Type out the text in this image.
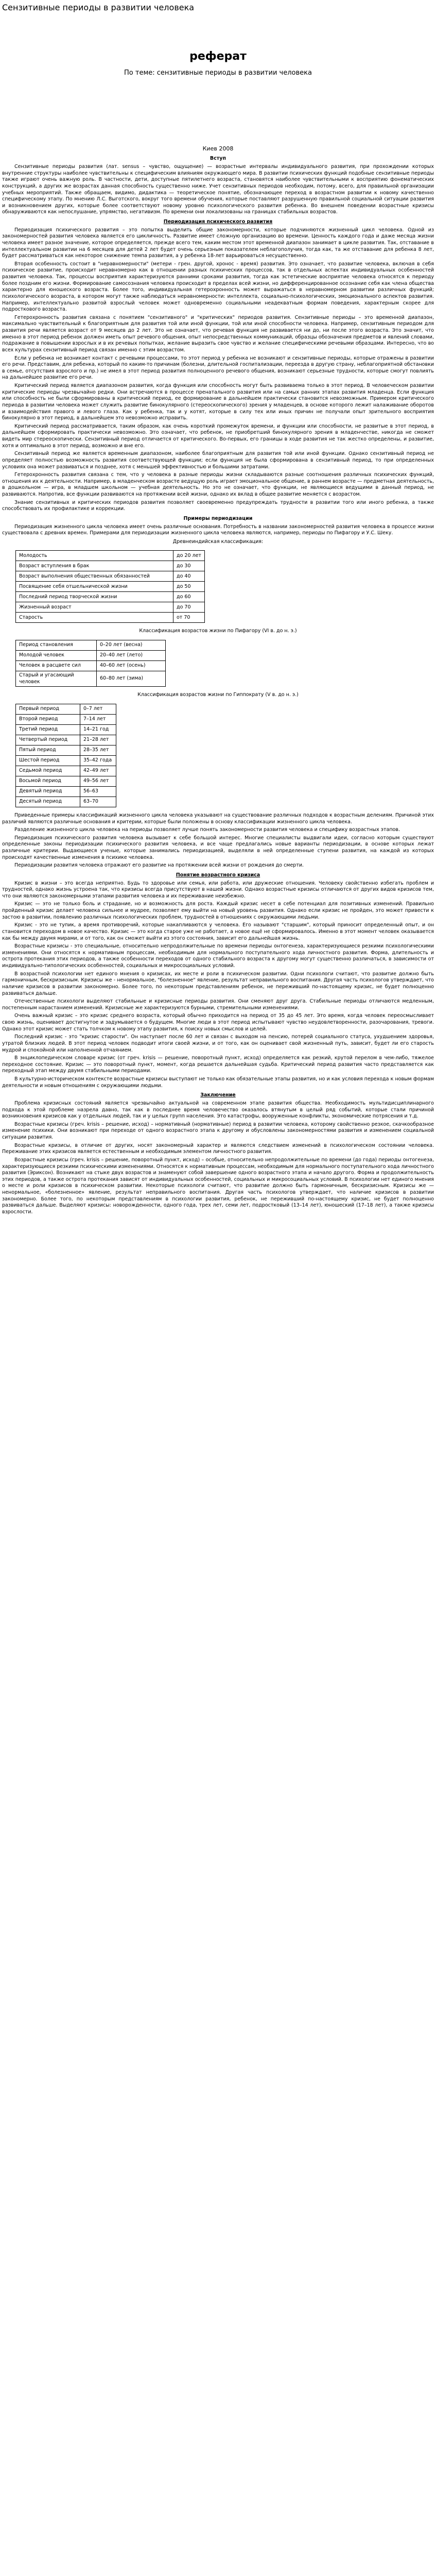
Сензитивные периоды в развитии человека
реферат
По теме: сензитивные периоды в развитии человека
Киев 2008
Вступ

Сензитивные периоды развития (лат. sensus – чувство, ощущение) — возрастные интервалы индивидуального развития, при прохождении которых внутренние структуры наиболее чувствительны к специфическим влияниям окружающего мира. В развитии психических функций подобные сензитивные периоды также играют очень важную роль. В частности, дети, доступные пятилетнего возраста, становятся наиболее чувствительными к восприятию фонематических конструкций, а других же возрастах данная способность существенно ниже. Учет сензитивных периодов необходим, потому, всего, для правильной организации учебных мероприятий. Также обращаем, видимо, дидактика — теоретическое понятие, обозначающее переход в возрастном развитии к новому качественно специфическому этапу. По мнению Л.С. Выготского, вокруг того времени обучения, которые поставляют разрушенную правильной социальной ситуации развития и возникновением других, которые более соответствуют новому уровню психологического развития ребенка. Во внешнем поведении возрастные кризисы обнаруживаются как непослушание, упрямство, негативизм. По времени они локализованы на границах стабильных возрастов.

Периодизация психического развития

Периодизация психического развития – это попытка выделить общие закономерности, которые подчиняются жизненный цикл человека. Одной из закономерностей развития человека является его цикличность. Развитие имеет сложную организацию во времени. Ценность каждого года и даже месяца жизни человека имеет разное значение, которое определяется, прежде всего тем, каким местом этот временной диапазон занимает в цикле развития. Так, отставание в интеллектуальном развитии на 6 месяцев для детей 2 лет будет очень серьезным показателем неблагополучия, тогда как, та же отставание для ребенка 8 лет, будет рассматриваться как некоторое снижение темпа развития, а у ребенка 18-лет варьироваться несущественно.

Вторая особенность состоит в "неравномерности" (метери - грен. другой, хронос - время) развития. Это означает, что развитие человека, включая в себя психическое развитие, происходит неравномерно как в отношении разных психических процессов, так в отдельных аспектах индивидуальных особенностей развития человека. Так, процессы восприятия характеризуются ранними сроками развития, тогда как эстетические восприятие человека относятся к периоду более поздним его жизни. Формирование самосознания человека происходит в пределах всей жизни, но дифференцированное осознание себя как члена общества характерно для юношеского возраста. Более того, индивидуальная гетерохронность может выражаться в неравномерном развитии различных функций; психологического возраста, в котором могут также наблюдаться неравномерности: интеллекта, социально-психологических, эмоционального аспектов развития. Например, интеллектуально развитой взрослый человек может одновременно социальными неадекватным формам поведения, характерным скорее для подросткового возраста.

Гетерохронность развития связана с понятием "сензитивного" и "критических" периодов развития. Сензитивные периоды – это временной диапазон, максимально чувствительный к благоприятным для развития той или иной функции, той или иной способности человека. Например, сензитивным периодом для развития речи является возраст от 9 месяцев до 2 лет. Это не означает, что речевая функция не развивается ни до, ни после этого возраста. Это значит, что именно в этот период ребенок должен иметь опыт речевого общения, опыт непосредственных коммуникаций, образцы обозначения предметов и явлений словами, подражание в повышении взрослых и в их речевых попытках, желание выразить свое чувство и желание специфическими речевыми образцами. Интересно, что во всех культурах сензитивный период связан именно с этим возрастом.

Если у ребенка не возникает контакт с речевыми процессами, то этот период у ребенка не возникают и сензитивные периоды, которые отражены в развитии его речи. Представим, для ребенка, который по каким-то причинам (болезни, длительной госпитализации, переезда в другую страну, неблагоприятной обстановки в семье, отсутствия взрослого и пр.) не имел в этот период развития полноценного речевого общения, возникают серьезные трудности, которые смогут повлиять на дальнейшее развитие его речи.

Критический период является диапазоном развития, когда функция или способность могут быть развиваема только в этот период. В человеческом развитии критические периоды чрезвычайно редки. Они встречаются в процессе пренатального развития или на самых ранних этапах развития младенца. Если функция или способность не были сформированы в критический период, ее формирование в дальнейшем практически становится невозможным. Примером критического периода в развитии человека может служить развитие бинокулярного (стереоскопического) зрения у младенцев, в основе которого лежит налаживание оборотов и взаимодействия правого и левого глаза. Как у ребенка, так и у котят, которые в силу тех или иных причин не получали опыт зрительного восприятия бинокулярно в этот период, в дальнейшем это невозможно исправить.

Критический период рассматривается, таким образом, как очень короткий промежуток времени, и функции или способности, не развитые в этот период, в дальнейшем сформировать практически невозможно. Это означает, что ребенок, не приобретший бинокулярного зрения в младенчестве, никогда не сможет видеть мир стереоскопически. Сензитивный период отличается от критического. Во-первых, его границы в ходе развития не так жестко определены, и развитие, хотя и оптимально в этот период, возможно и вне его.

Сензитивный период же является временным диапазоном, наиболее благоприятным для развития той или иной функции. Однако сензитивный период не определяет полностью возможность развития соответствующей функции; если функция не была сформирована в сензитивный период, то при определенных условиях она может развиваться и позднее, хотя с меньшей эффективностью и большими затратами.

Гетерохронность развития связана с тем, что у человека в разные периоды жизни складываются разные соотношения различных психических функций, отношения их к деятельности. Например, в младенческом возрасте ведущую роль играет эмоциональное общение, в раннем возрасте — предметная деятельность, в дошкольном — игра, в младшем школьном — учебная деятельность. Но это не означает, что функции, не являющиеся ведущими в данный период, не развиваются. Напротив, все функции развиваются на протяжении всей жизни, однако их вклад в общее развитие меняется с возрастом.

Знание сензитивных и критических периодов развития позволяет своевременно предупреждать трудности в развитии того или иного ребенка, а также способствовать их профилактике и коррекции.

Примеры периодизации

Периодизация жизненного цикла человека имеет очень различные основания. Потребность в названии закономерностей развития человека в процессе жизни существовала с древних времен. Примерами для периодизации жизненного цикла человека являются, например, периоды по Пифагору и У.С. Шеку.

Древнеиндийская классификация:
Молодость	до 20 лет
Возраст вступления в брак	до 30
Возраст выполнения общественных обязанностей	до 40
Посвящение себя отшельнической жизни	до 50
Последний период творческой жизни	до 60
Жизненный возраст	до 70
Старость	от 70
Классификация возрастов жизни по Пифагору (VI в. до н. э.)
Период становления	0–20 лет (весна)
Молодой человек	20–40 лет (лето)
Человек в расцвете сил	40–60 лет (осень)
Старый и угасающий человек	60–80 лет (зима)
Классификация возрастов жизни по Гиппократу (V в. до н. э.)
Первый период	0–7 лет
Второй период	7–14 лет
Третий период	14–21 год
Четвертый период	21–28 лет
Пятый период	28–35 лет
Шестой период	35–42 года
Седьмой период	42–49 лет
Восьмой период	49–56 лет
Девятый период	56–63
Десятый период	63–70

Приведенные примеры классификаций жизненного цикла человека указывают на существование различных подходов к возрастным делениям. Причиной этих различий являются различные основания и критерии, которые были положены в основу классификации жизненного цикла человека.

Разделение жизненного цикла человека на периоды позволяет лучше понять закономерности развития человека и специфику возрастных этапов.

Периодизация психического развития человека вызывает к себе большой интерес. Многие специалисты выдвигали идеи, согласно которым существуют определенные законы периодизации психического развития человека, и все чаще предлагались новые варианты периодизации, в основе которых лежат различные критерии. Выдающиеся ученые, которые занимались периодизацией, выделяли в ней определенные ступени развития, на каждой из которых происходят качественные изменения в психике человека.

Периодизации развития человека отражают его развитие на протяжении всей жизни от рождения до смерти.

Понятие возрастного кризиса

Кризис в жизни – это всегда неприятно. Будь то здоровье или семья, или работа, или дружеские отношения. Человеку свойственно избегать проблем и трудностей, однако жизнь устроена так, что кризисы всегда присутствуют в нашей жизни. Однако возрастные кризисы отличаются от других видов кризисов тем, что они являются закономерными этапами развития человека и их переживание неизбежно.

Кризис — это не только боль и страдание, но и возможность для роста. Каждый кризис несет в себе потенциал для позитивных изменений. Правильно пройденный кризис делает человека сильнее и мудрее, позволяет ему выйти на новый уровень развития. Однако если кризис не пройден, это может привести к застою в развитии, появлению различных психологических проблем, трудностей в отношениях с окружающими людьми.

Кризис - это не тупик, а время противоречий, которые накапливаются у человека. Его называют "старшим", который приносит определенный опыт, и он становится переходом в новое качество. Кризис — это когда старое уже не работает, а новое ещё не сформировалось. Именно в этот момент человек оказывается как бы между двумя мирами, и от того, как он сможет выйти из этого состояния, зависит его дальнейшая жизнь.

Возрастные кризисы - это специальные, относительно непродолжительные по времени периоды онтогенеза, характеризующиеся резкими психологическими изменениями. Они относятся к нормативным процессам, необходимым для нормального поступательного хода личностного развития. Форма, длительность и острота протекания этих периодов, а также особенности переходов от одного стабильного возраста к другому могут существенно различаться, в зависимости от индивидуально-типологических особенностей, социальных и микросоциальных условий.

В возрастной психологии нет единого мнения о кризисах, их месте и роли в психическом развитии. Одни психологи считают, что развитие должно быть гармоничным, бескризисным. Кризисы же - ненормальное, "болезненное" явление, результат неправильного воспитания. Другая часть психологов утверждает, что наличие кризисов в развитии закономерно. Более того, по некоторым представлениям ребенок, не переживший по-настоящему кризис, не будет полноценно развиваться дальше.

Отечественные психологи выделяют стабильные и кризисные периоды развития. Они сменяют друг друга. Стабильные периоды отличаются медленным, постепенным нарастанием изменений. Кризисные же характеризуются бурными, стремительными изменениями.

Очень важный кризис – это кризис среднего возраста, который обычно приходится на период от 35 до 45 лет. Это время, когда человек переосмысливает свою жизнь, оценивает достигнутое и задумывается о будущем. Многие люди в этот период испытывают чувство неудовлетворенности, разочарования, тревоги. Однако этот кризис может стать толчком к новому этапу развития, к поиску новых смыслов и целей.

Последний кризис - это "кризис старости". Он наступает после 60 лет и связан с выходом на пенсию, потерей социального статуса, ухудшением здоровья, утратой близких людей. В этот период человек подводит итоги своей жизни, и от того, как он оценивает свой жизненный путь, зависит, будет ли его старость мудрой и спокойной или наполненной отчаянием.

В энциклопедическом словаре кризис (от греч. krisis — решение, поворотный пункт, исход) определяется как резкий, крутой перелом в чем-либо, тяжелое переходное состояние. Кризис — это поворотный пункт, момент, когда решается дальнейшая судьба. Критический период развития часто представляется как переходный этап между двумя стабильными периодами.

В культурно-историческом контексте возрастные кризисы выступают не только как обязательные этапы развития, но и как условия перехода к новым формам деятельности и новым отношениям с окружающими людьми.

Заключение

Проблема кризисных состояний является чрезвычайно актуальной на современном этапе развития общества. Необходимость мультидисциплинарного подхода к этой проблеме назрела давно, так как в последнее время человечество оказалось втянутым в целый ряд событий, которые стали причиной возникновения кризисов как у отдельных людей, так и у целых групп населения. Это катастрофы, вооруженные конфликты, экономические потрясения и т.д.

Возрастные кризисы (греч. krisis – решение, исход) – нормативный (нормативные) период в развитии человека, которому свойственно резкое, скачкообразное изменение психики. Они возникают при переходе от одного возрастного этапа к другому и обусловлены закономерностями развития и изменением социальной ситуации развития.

Возрастные кризисы, в отличие от других, носят закономерный характер и являются следствием изменений в психологическом состоянии человека. Переживание этих кризисов является естественным и необходимым элементом личностного развития.

Возрастные кризисы (греч. krisis – решение, поворотный пункт, исход) – особые, относительно непродолжительные по времени (до года) периоды онтогенеза, характеризующиеся резкими психическими изменениями. Относятся к нормативным процессам, необходимым для нормального поступательного хода личностного развития (Эриксон). Возникают на стыке двух возрастов и знаменуют собой завершение одного возрастного этапа и начало другого. Форма и продолжительность этих периодов, а также острота протекания зависят от индивидуальных особенностей, социальных и микросоциальных условий. В психологии нет единого мнения о месте и роли кризисов в психическом развитии. Некоторые психологи считают, что развитие должно быть гармоничным, бескризисным. Кризисы же — ненормальное, «болезненное» явление, результат неправильного воспитания. Другая часть психологов утверждает, что наличие кризисов в развитии закономерно. Более того, по некоторым представлениям в психологии развития, ребенок, не переживший по-настоящему кризис, не будет полноценно развиваться дальше. Выделяют кризисы: новорожденности, одного года, трех лет, семи лет, подростковый (13–14 лет), юношеский (17–18 лет), а также кризисы взрослости.
